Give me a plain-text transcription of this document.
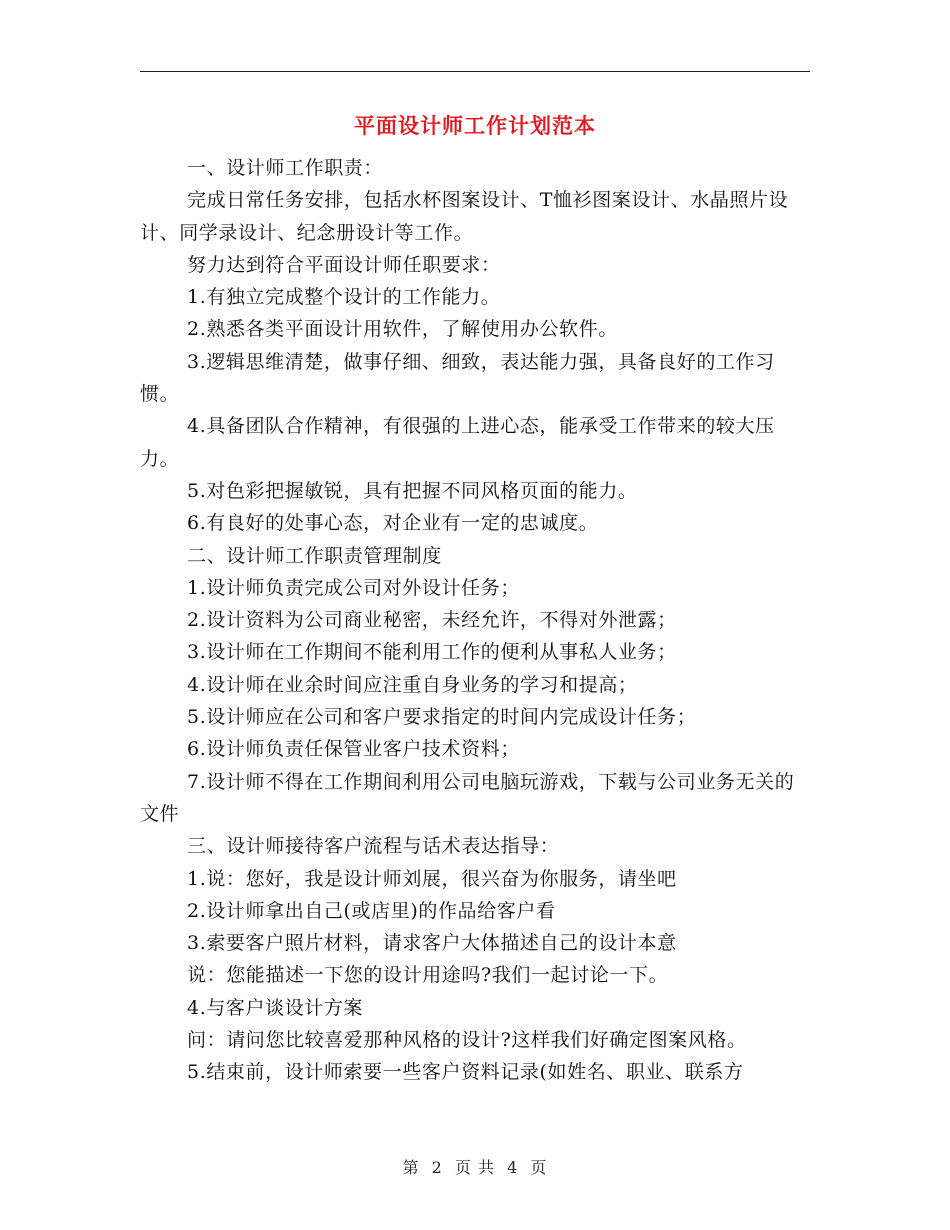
平面设计师工作计划范本

一、设计师工作职责：

完成日常任务安排，包括水杯图案设计、T恤衫图案设计、水晶照片设计、同学录设计、纪念册设计等工作。

努力达到符合平面设计师任职要求：

1.有独立完成整个设计的工作能力。

2.熟悉各类平面设计用软件，了解使用办公软件。

3.逻辑思维清楚，做事仔细、细致，表达能力强，具备良好的工作习惯。

4.具备团队合作精神，有很强的上进心态，能承受工作带来的较大压力。

5.对色彩把握敏锐，具有把握不同风格页面的能力。

6.有良好的处事心态，对企业有一定的忠诚度。

二、设计师工作职责管理制度

1.设计师负责完成公司对外设计任务；

2.设计资料为公司商业秘密，未经允许，不得对外泄露；

3.设计师在工作期间不能利用工作的便利从事私人业务；

4.设计师在业余时间应注重自身业务的学习和提高；

5.设计师应在公司和客户要求指定的时间内完成设计任务；

6.设计师负责任保管业客户技术资料；

7.设计师不得在工作期间利用公司电脑玩游戏，下载与公司业务无关的文件

三、设计师接待客户流程与话术表达指导：

1.说：您好，我是设计师刘展，很兴奋为你服务，请坐吧

2.设计师拿出自己(或店里)的作品给客户看

3.索要客户照片材料，请求客户大体描述自己的设计本意

说：您能描述一下您的设计用途吗?我们一起讨论一下。

4.与客户谈设计方案

问：请问您比较喜爱那种风格的设计?这样我们好确定图案风格。

5.结束前，设计师索要一些客户资料记录(如姓名、职业、联系方

第 2 页 共 4 页
